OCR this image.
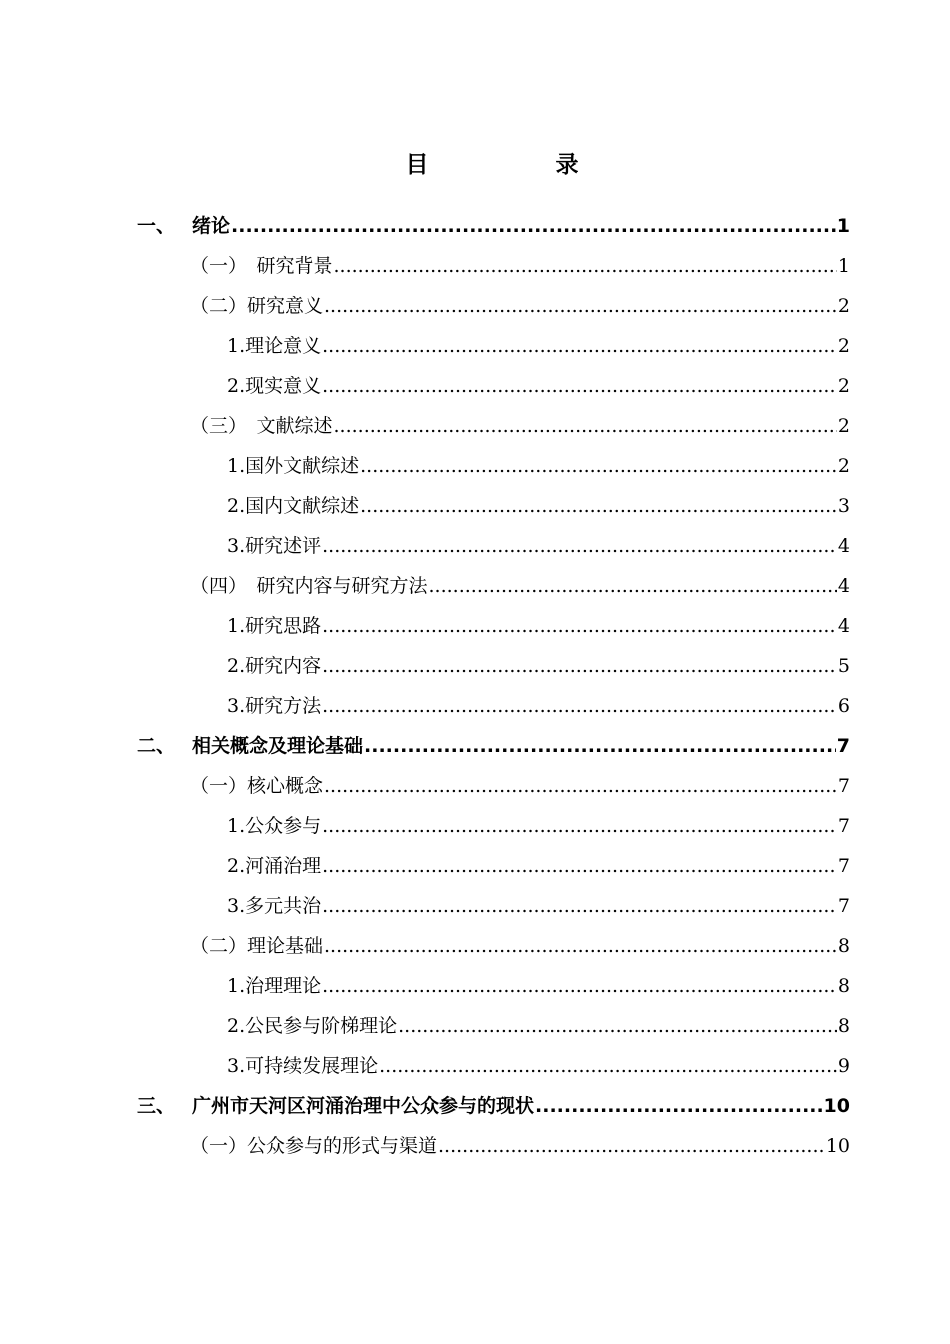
目　录
一、 绪论 .....	1
（一）　研究背景 .....	1
（二）研究意义 .....	2
1.理论意义 .....	2
2.现实意义 .....	2
（三）　文献综述 .....	2
1.国外文献综述 .....	2
2.国内文献综述 .....	3
3.研究述评 .....	4
（四）　研究内容与研究方法 .....	4
1.研究思路 .....	4
2.研究内容 .....	5
3.研究方法 .....	6
二、 相关概念及理论基础 .....	7
（一）核心概念 .....	7
1.公众参与 .....	7
2.河涌治理 .....	7
3.多元共治 .....	7
（二）理论基础 .....	8
1.治理理论 .....	8
2.公民参与阶梯理论 .....	8
3.可持续发展理论 .....	9
三、 广州市天河区河涌治理中公众参与的现状 .....	10
（一）公众参与的形式与渠道 .....	10
